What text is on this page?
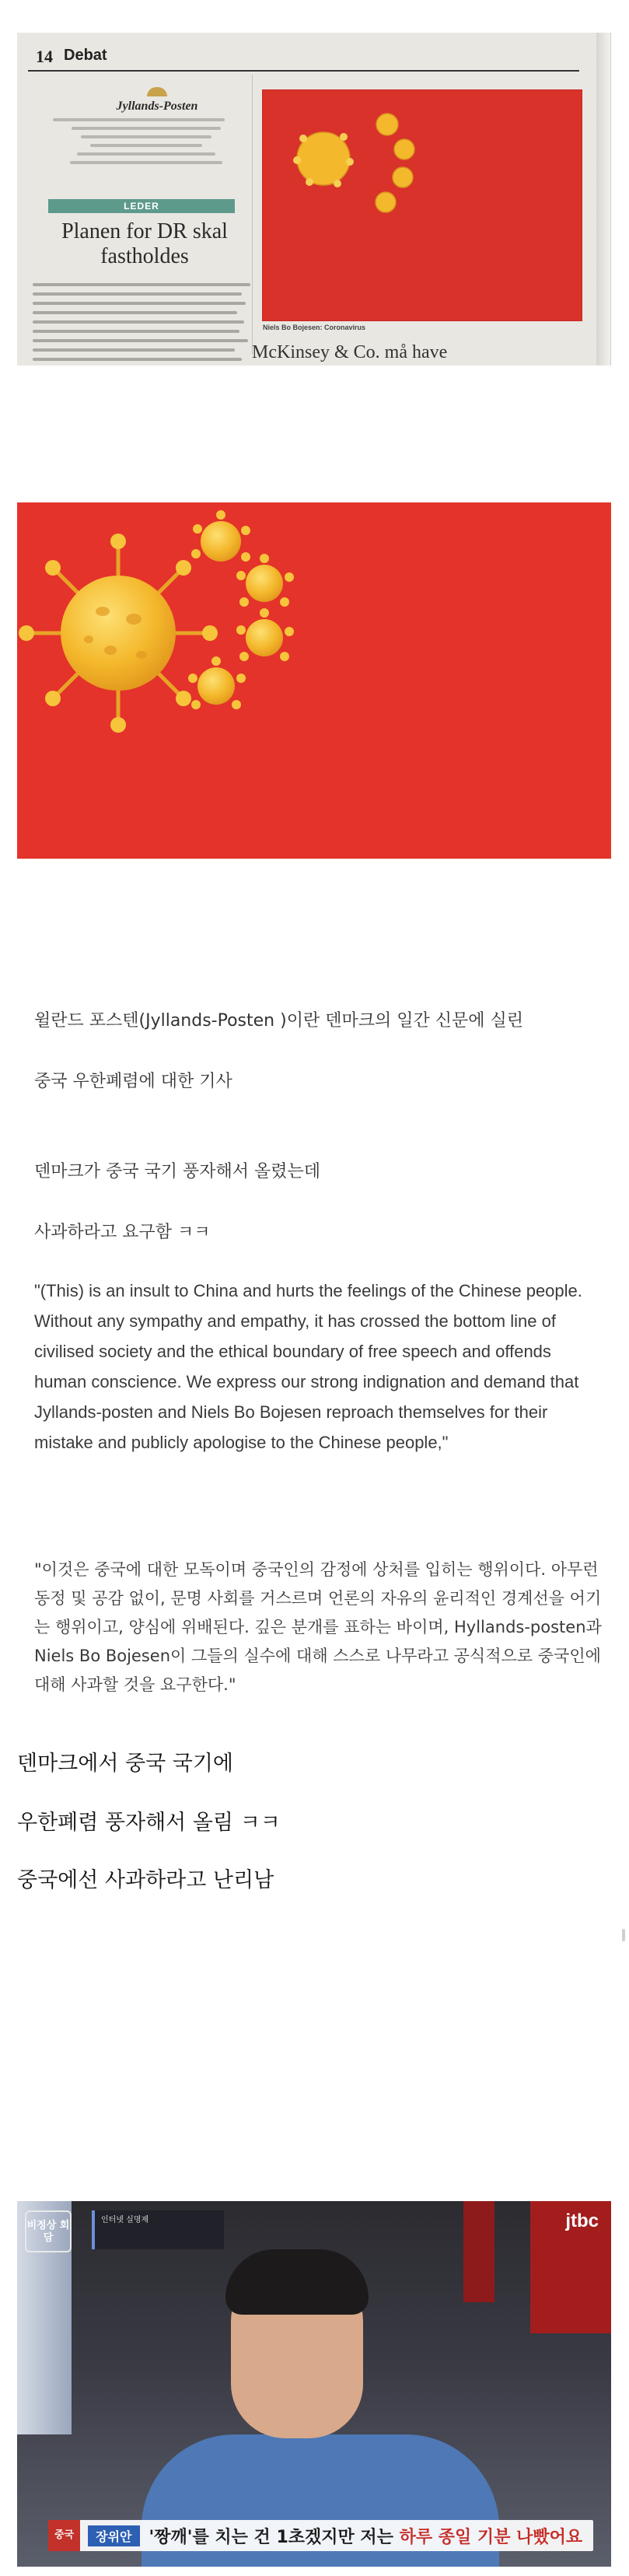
14 Debat
Jyllands-Posten
LEDER
Planen for DR skal fastholdes
Niels Bo Bojesen: Coronavirus
McKinsey & Co. må have
윌란드 포스텐(Jyllands-Posten )이란 덴마크의 일간 신문에 실린
중국 우한폐렴에 대한 기사
덴마크가 중국 국기 풍자해서 올렸는데
사과하라고 요구함 ㅋㅋ
"(This) is an insult to China and hurts the feelings of the Chinese people. Without any sympathy and empathy, it has crossed the bottom line of civilised society and the ethical boundary of free speech and offends human conscience. We express our strong indignation and demand that Jyllands-posten and Niels Bo Bojesen reproach themselves for their mistake and publicly apologise to the Chinese people,"
"이것은 중국에 대한 모독이며 중국인의 감정에 상처를 입히는 행위이다. 아무런 동정 및 공감 없이, 문명 사회를 거스르며 언론의 자유의 윤리적인 경계선을 어기는 행위이고, 양심에 위배된다. 깊은 분개를 표하는 바이며, Hyllands-posten과 Niels Bo Bojesen이 그들의 실수에 대해 스스로 나무라고 공식적으로 중국인에 대해 사과할 것을 요구한다."
덴마크에서 중국 국기에
우한폐렴 풍자해서 올림 ㅋㅋ
중국에선 사과하라고 난리남
비정상 회담
jtbc
인터넷 실명제
중국	장위안	'짱깨'를 치는 건 1초겠지만 저는 하루 종일 기분 나빴어요
